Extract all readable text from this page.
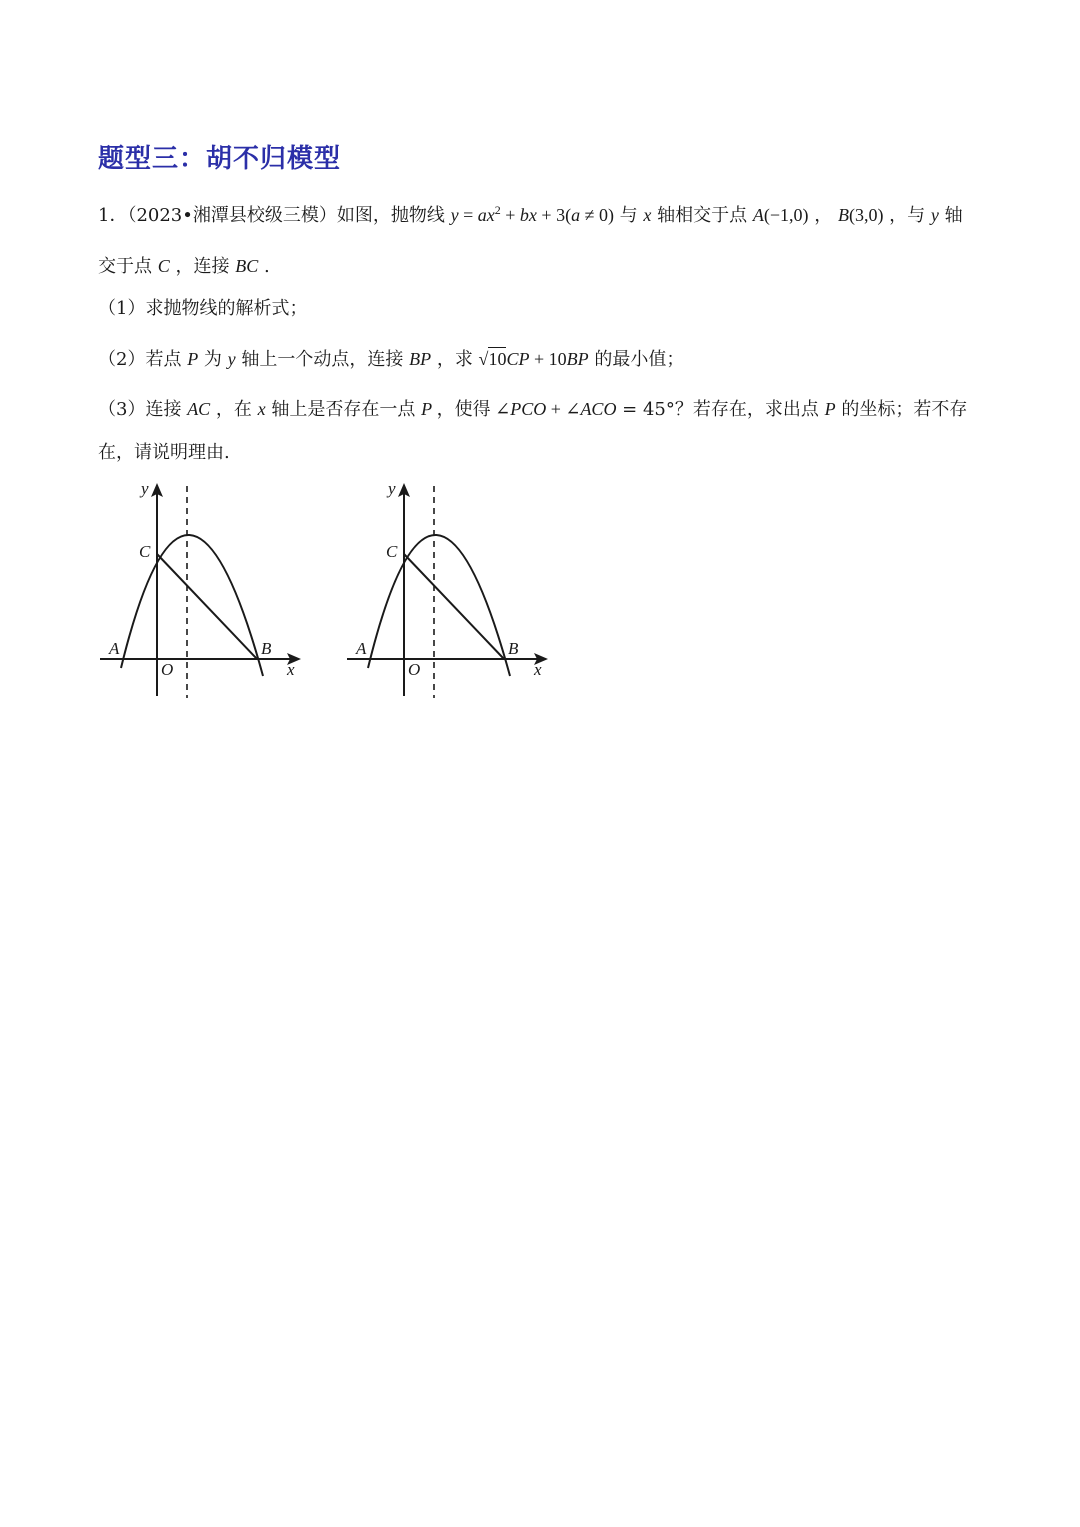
题型三：胡不归模型
1．（2023•湘潭县校级三模）如图，抛物线 $y = ax^2$ + bx + 3(a ≠ 0) 与 x 轴相交于点 A(−1,0) ， B(3,0) ，与 y 轴
交于点 C ，连接 BC .
（1）求抛物线的解析式；
（2）若点 P 为 y 轴上一个动点，连接 BP ，求 √10CP + 10BP 的最小值；
（3）连接 AC ，在 x 轴上是否存在一点 P ，使得 ∠PCO + ∠ACO = 45°？若存在，求出点 P 的坐标；若不存
在，请说明理由.
y
C
A	B
O	x
y
C
A	B
O	x
